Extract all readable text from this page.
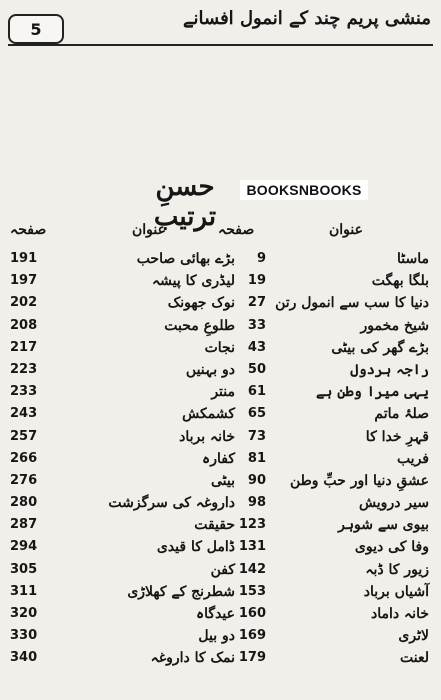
5	منشی پریم چند کے انمول افسانے
حسنِ ترتیب
BOOKSNBOOKS
عنوان
صفحہ
عنوان
صفحہ
191	بڑے بھائی صاحب	9	ماسٹا
197	لیڈری کا پیشہ 19	بلگا بھگت
202	نوک جھونک 27 دنیا کا سب سے انمول رتن
208	طلوعِ محبت 33	شیخ مخمور
217	نجات 43	بڑے گھر کی بیٹی
223	دو بہنیں 50	راجہ ہردول
233	منتر 61	یہی میرا وطن ہے
243	کشمکش 65	صلۂ ماتم
257	خانہ برباد 73	قہرِ خدا کا
266	کفارہ 81	فریب
276	بیٹی 90	عشقِ دنیا اور حبِّ وطن
280	داروغہ کی سرگزشت 98	سیر درویش
287	حقیقت 123	بیوی سے شوہر
294	ڈامل کا قیدی 131	وفا کی دیوی
305	کفن 142	زیور کا ڈبہ
311	شطرنج کے کھلاڑی 153	آشیاں برباد
320	عیدگاہ 160	خانہ داماد
330	دو بیل 169	لاٹری
340	نمک کا داروغہ 179	لعنت
